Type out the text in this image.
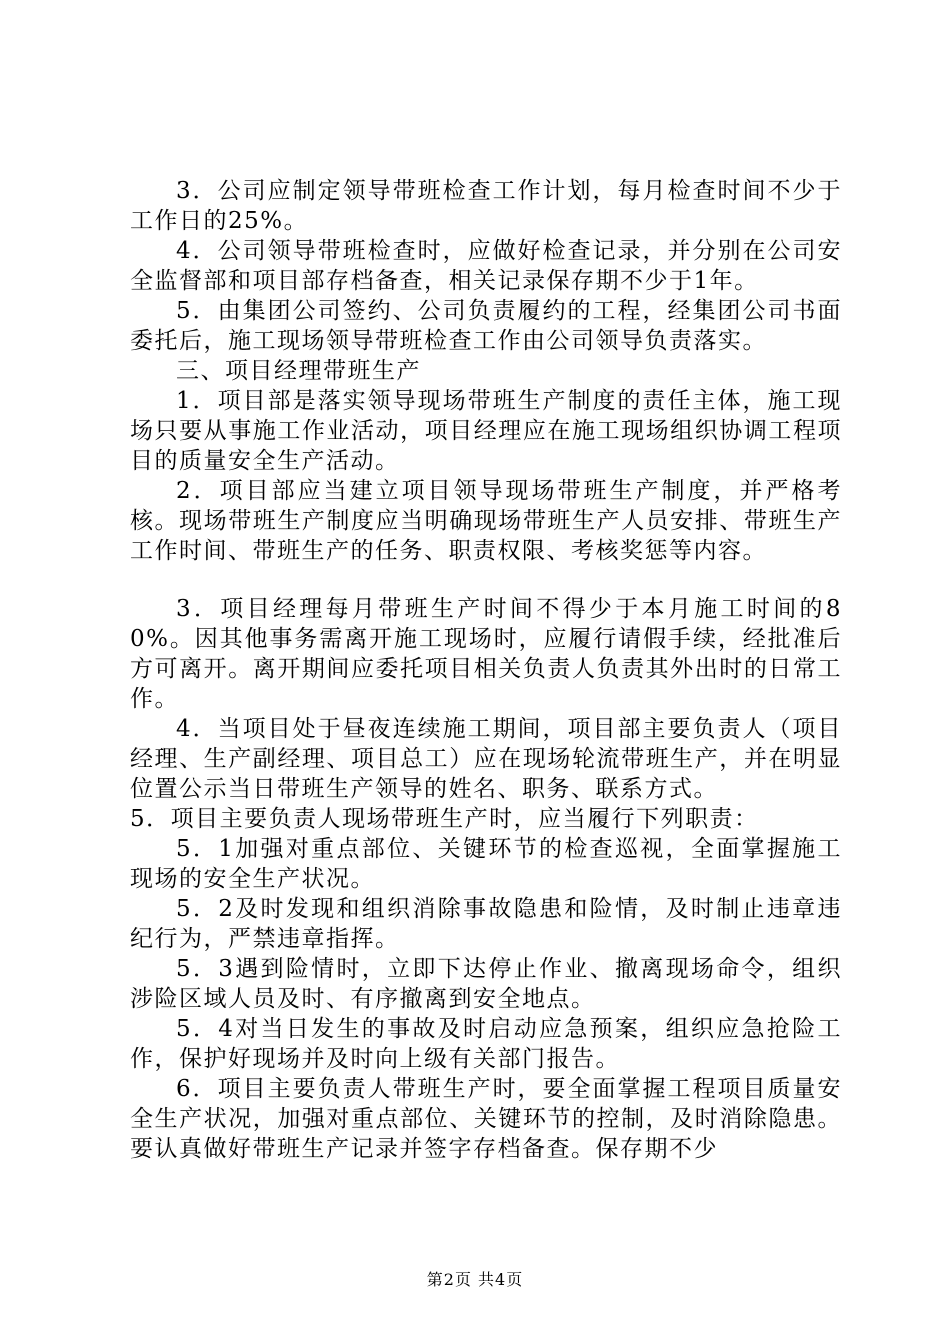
3．公司应制定领导带班检查工作计划，每月检查时间不少于工作日的25%。

4．公司领导带班检查时，应做好检查记录，并分别在公司安全监督部和项目部存档备查，相关记录保存期不少于1年。

5．由集团公司签约、公司负责履约的工程，经集团公司书面委托后，施工现场领导带班检查工作由公司领导负责落实。

三、项目经理带班生产

1．项目部是落实领导现场带班生产制度的责任主体，施工现场只要从事施工作业活动，项目经理应在施工现场组织协调工程项目的质量安全生产活动。

2．项目部应当建立项目领导现场带班生产制度，并严格考核。现场带班生产制度应当明确现场带班生产人员安排、带班生产工作时间、带班生产的任务、职责权限、考核奖惩等内容。

3．项目经理每月带班生产时间不得少于本月施工时间的80%。因其他事务需离开施工现场时，应履行请假手续，经批准后方可离开。离开期间应委托项目相关负责人负责其外出时的日常工作。

4．当项目处于昼夜连续施工期间，项目部主要负责人（项目经理、生产副经理、项目总工）应在现场轮流带班生产，并在明显位置公示当日带班生产领导的姓名、职务、联系方式。

5．项目主要负责人现场带班生产时，应当履行下列职责：

5．1加强对重点部位、关键环节的检查巡视，全面掌握施工现场的安全生产状况。

5．2及时发现和组织消除事故隐患和险情，及时制止违章违纪行为，严禁违章指挥。

5．3遇到险情时，立即下达停止作业、撤离现场命令，组织涉险区域人员及时、有序撤离到安全地点。

5．4对当日发生的事故及时启动应急预案，组织应急抢险工作，保护好现场并及时向上级有关部门报告。

6．项目主要负责人带班生产时，要全面掌握工程项目质量安全生产状况，加强对重点部位、关键环节的控制，及时消除隐患。要认真做好带班生产记录并签字存档备查。保存期不少

第2页 共4页
